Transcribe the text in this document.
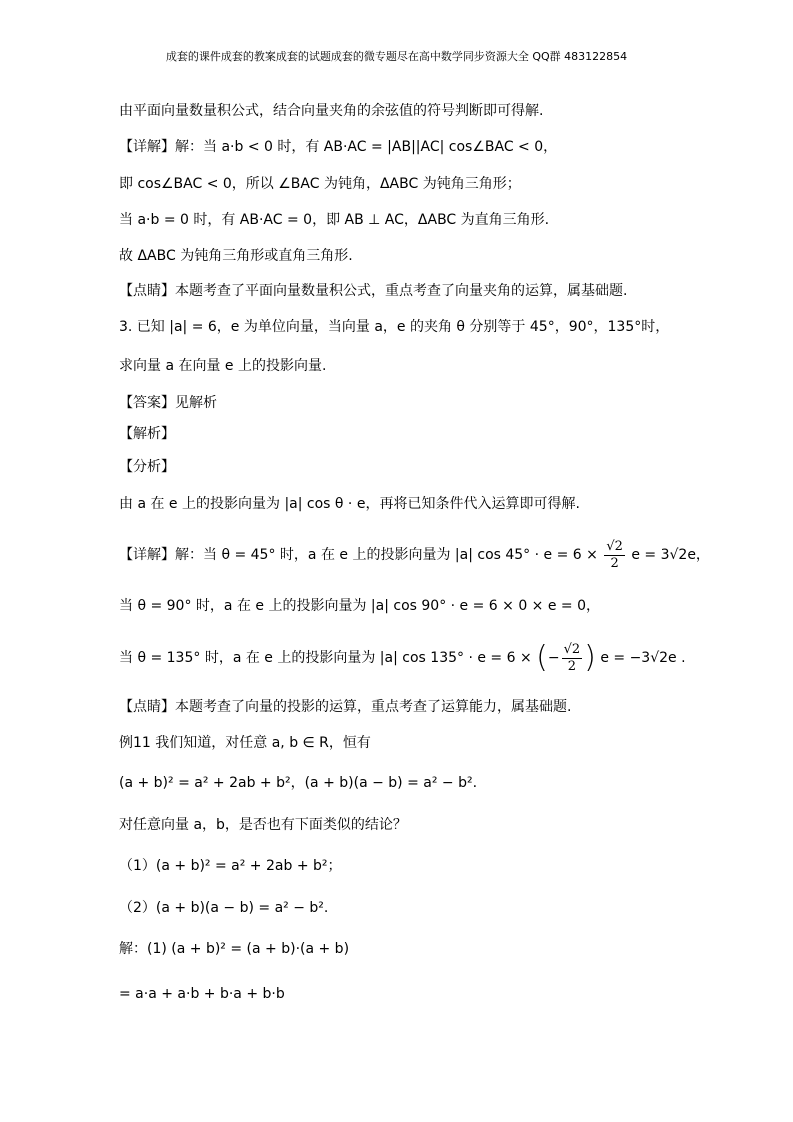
成套的课件成套的教案成套的试题成套的微专题尽在高中数学同步资源大全 QQ群 483122854
由平面向量数量积公式，结合向量夹角的余弦值的符号判断即可得解.
【详解】解：当 a·b < 0 时，有 AB·AC = |AB||AC| cos∠BAC < 0，
即 cos∠BAC < 0，所以 ∠BAC 为钝角，ΔABC 为钝角三角形；
当 a·b = 0 时，有 AB·AC = 0，即 AB ⊥ AC，ΔABC 为直角三角形.
故 ΔABC 为钝角三角形或直角三角形.
【点睛】本题考查了平面向量数量积公式，重点考查了向量夹角的运算，属基础题.
3. 已知 |a| = 6，e 为单位向量，当向量 a，e 的夹角 θ 分别等于 45°，90°，135°时，
求向量 a 在向量 e 上的投影向量.
【答案】见解析
【解析】
【分析】
由 a 在 e 上的投影向量为 |a| cos θ · e，再将已知条件代入运算即可得解.
【详解】解：当 θ = 45° 时，a 在 e 上的投影向量为 |a| $\cos 45^\circ \cdot e = 6 \times \frac{√2}{2}$ e = 3√2e，
当 θ = 90° 时，a 在 e 上的投影向量为 |a| cos 90° · e = 6 × 0 × e = 0，
当 θ = 135° 时，a 在 e 上的投影向量为 |a| cos 135° · e = 6 × (− $\frac{√2}{2}$ ) e = −3√2e .
【点睛】本题考查了向量的投影的运算，重点考查了运算能力，属基础题.
例11 我们知道，对任意 a, b ∈ R，恒有
(a + b)² = a² + 2ab + b²，(a + b)(a − b) = a² − b².
对任意向量 a，b，是否也有下面类似的结论？
（1）(a + b)² = a² + 2ab + b²；
（2）(a + b)(a − b) = a² − b².
解：(1) (a + b)² = (a + b)·(a + b)
= a·a + a·b + b·a + b·b
